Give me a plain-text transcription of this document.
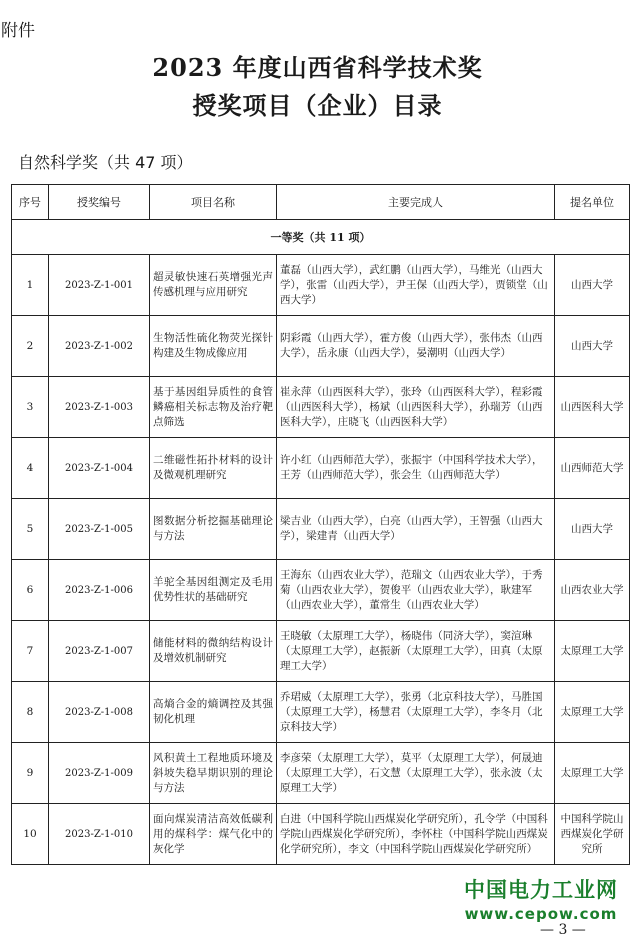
附件
2023 年度山西省科学技术奖
授奖项目（企业）目录
自然科学奖（共 47 项）
序号	授奖编号	项目名称	主要完成人	提名单位
一等奖（共 11 项）				
1	2023-Z-1-001	超灵敏快速石英增强光声传感机理与应用研究	董磊（山西大学），武红鹏（山西大学），马维光（山西大学），张雷（山西大学），尹王保（山西大学），贾锁堂（山西大学）	山西大学
2	2023-Z-1-002	生物活性硫化物荧光探针构建及生物成像应用	阴彩霞（山西大学），霍方俊（山西大学），张伟杰（山西大学），岳永康（山西大学），晏潮明（山西大学）	山西大学
3	2023-Z-1-003	基于基因组异质性的食管鳞癌相关标志物及治疗靶点筛选	崔永萍（山西医科大学），张玲（山西医科大学），程彩霞（山西医科大学），杨斌（山西医科大学），孙瑞芳（山西医科大学），庄晓飞（山西医科大学）	山西医科大学
4	2023-Z-1-004	二维磁性拓扑材料的设计及微观机理研究	许小红（山西师范大学），张振宇（中国科学技术大学），王芳（山西师范大学），张会生（山西师范大学）	山西师范大学
5	2023-Z-1-005	图数据分析挖掘基础理论与方法	梁吉业（山西大学），白亮（山西大学），王智强（山西大学），梁建青（山西大学）	山西大学
6	2023-Z-1-006	羊驼全基因组测定及毛用优势性状的基础研究	王海东（山西农业大学），范瑞文（山西农业大学），于秀菊（山西农业大学），贺俊平（山西农业大学），耿建军（山西农业大学），董常生（山西农业大学）	山西农业大学
7	2023-Z-1-007	储能材料的微纳结构设计及增效机制研究	王晓敏（太原理工大学），杨晓伟（同济大学），窦渲琳（太原理工大学），赵振新（太原理工大学），田真（太原理工大学）	太原理工大学
8	2023-Z-1-008	高熵合金的熵调控及其强韧化机理	乔珺威（太原理工大学），张勇（北京科技大学），马胜国（太原理工大学），杨慧君（太原理工大学），李冬月（北京科技大学）	太原理工大学
9	2023-Z-1-009	风积黄土工程地质环境及斜坡失稳早期识别的理论与方法	李彦荣（太原理工大学），莫平（太原理工大学），何晟迪（太原理工大学），石文慧（太原理工大学），张永波（太原理工大学）	太原理工大学
10	2023-Z-1-010	面向煤炭清洁高效低碳利用的煤科学：煤气化中的灰化学	白进（中国科学院山西煤炭化学研究所），孔令学（中国科学院山西煤炭化学研究所），李怀柱（中国科学院山西煤炭化学研究所），李文（中国科学院山西煤炭化学研究所）	中国科学院山西煤炭化学研究所
中国电力工业网
www.cepow.com
— 3 —
